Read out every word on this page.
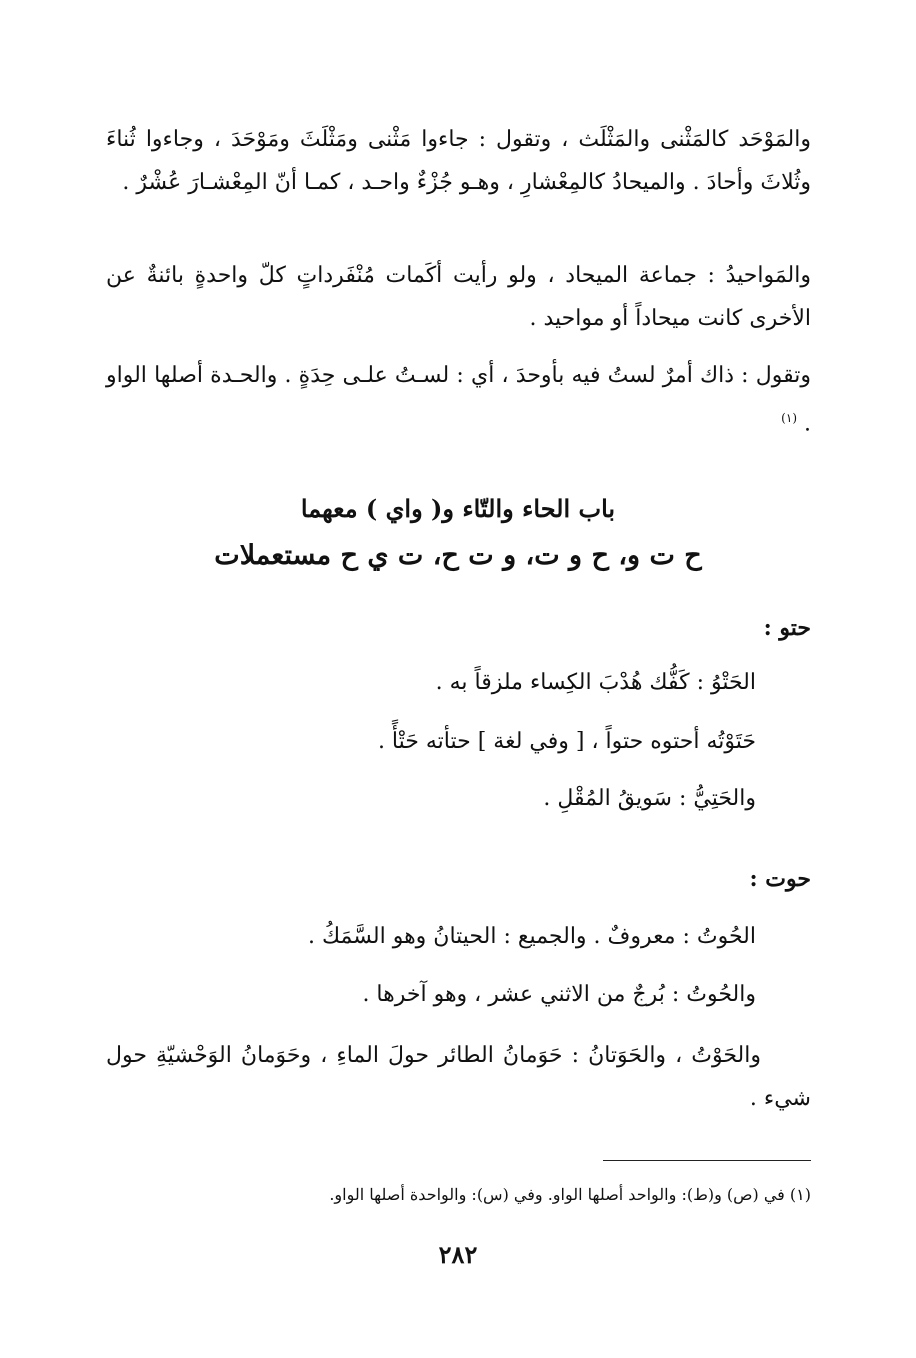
والمَوْحَد كالمَثْنى والمَثْلَث ، وتقول : جاءوا مَثْنى ومَثْلَثَ ومَوْحَدَ ، وجاءوا ثُناءَ وثُلاثَ وأحادَ . والميحادُ كالمِعْشارِ ، وهـو جُزْءٌ واحـد ، كمـا أنّ المِعْشـارَ عُشْرٌ .
والمَواحيدُ : جماعة الميحاد ، ولو رأيت أكَمات مُنْفَرداتٍ كلّ واحدةٍ بائنةٌ عن الأخرى كانت ميحاداً أو مواحيد .
وتقول : ذاك أمرٌ لستُ فيه بأوحدَ ، أي : لسـتُ علـى حِدَةٍ . والحـدة أصلها الواو . $^{(١)}$
باب الحاء والتّاء و( واي ) معهما
ح ت و، ح و ت، و ت ح، ت ي ح مستعملات
حتو :
الحَتْوُ : كَفُّك هُدْبَ الكِساء ملزقاً به .
حَتَوْتُه أحتوه حتواً ، [ وفي لغة ] حتأته حَتْأً .
والحَتِيُّ : سَويقُ المُقْلِ .
حوت :
الحُوتُ : معروفٌ . والجميع : الحيتانُ وهو السَّمَكُ .
والحُوتُ : بُرجٌ من الاثني عشر ، وهو آخرها .
والحَوْتُ ، والحَوَتانُ : حَوَمانُ الطائر حولَ الماءِ ، وحَوَمانُ الوَحْشيّةِ حول شيء .
(١) في (ص) و(ط): والواحد أصلها الواو. وفي (س): والواحدة أصلها الواو.
٢٨٢
